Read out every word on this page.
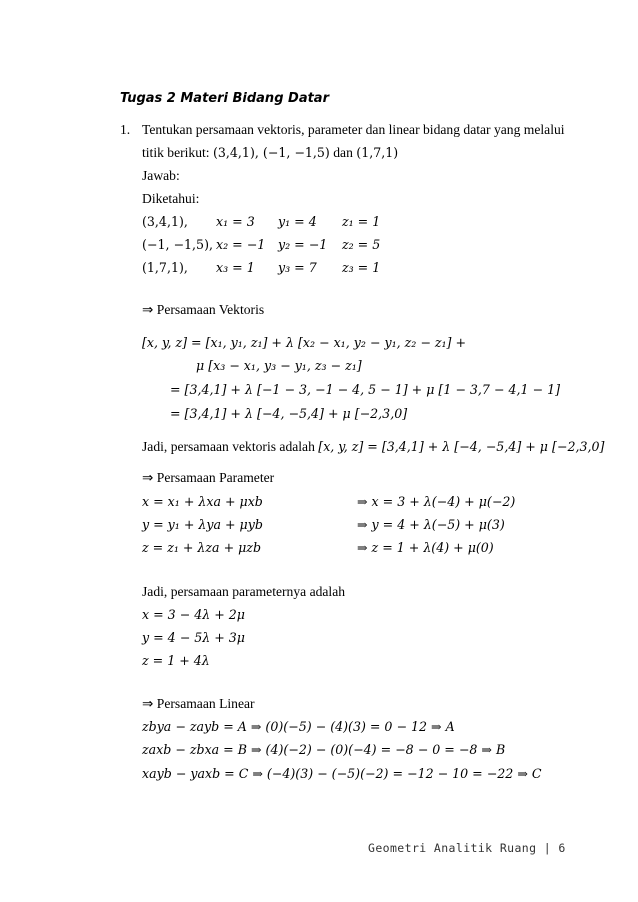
Tugas 2 Materi Bidang Datar
1. Tentukan persamaan vektoris, parameter dan linear bidang datar yang melalui
titik berikut: (3,4,1), (−1, −1,5) dan (1,7,1)
Jawab:
Diketahui:
(3,4,1), x₁ = 3 y₁ = 4 z₁ = 1
(−1, −1,5), x₂ = −1 y₂ = −1 z₂ = 5
(1,7,1), x₃ = 1 y₃ = 7 z₃ = 1
⇒ Persamaan Vektoris
[x, y, z] = [x₁, y₁, z₁] + λ [x₂ − x₁, y₂ − y₁, z₂ − z₁] +
μ [x₃ − x₁, y₃ − y₁, z₃ − z₁]
= [3,4,1] + λ [−1 − 3, −1 − 4, 5 − 1] + μ [1 − 3,7 − 4,1 − 1]
= [3,4,1] + λ [−4, −5,4] + μ [−2,3,0]
Jadi, persamaan vektoris adalah [x, y, z] = [3,4,1] + λ [−4, −5,4] + μ [−2,3,0]
⇒ Persamaan Parameter
x = x₁ + λxa + μxb	⇒ x = 3 + λ(−4) + μ(−2)
y = y₁ + λya + μyb	⇒ y = 4 + λ(−5) + μ(3)
z = z₁ + λza + μzb	⇒ z = 1 + λ(4) + μ(0)
Jadi, persamaan parameternya adalah
x = 3 − 4λ + 2μ
y = 4 − 5λ + 3μ
z = 1 + 4λ
⇒ Persamaan Linear
zbya − zayb = A ⇒ (0)(−5) − (4)(3) = 0 − 12 ⇒ A
zaxb − zbxa = B ⇒ (4)(−2) − (0)(−4) = −8 − 0 = −8 ⇒ B
xayb − yaxb = C ⇒ (−4)(3) − (−5)(−2) = −12 − 10 = −22 ⇒ C
Geometri Analitik Ruang | 6
